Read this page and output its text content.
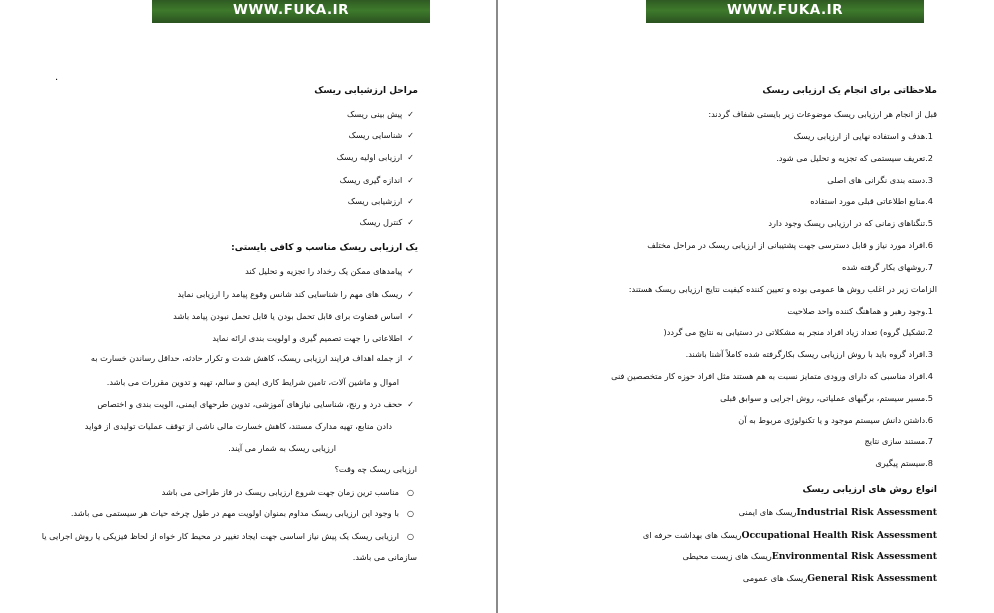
WWW.FUKA.IR
.
مراحل ارزشیابی ریسک
✓ پیش بینی ریسک
✓ شناسایی ریسک
✓ ارزیابی اولیه ریسک
✓ اندازه گیری ریسک
✓ ارزشیابی ریسک
✓ کنترل ریسک
یک ارزیابی ریسک مناسب و کافی بایستی:
✓ پیامدهای ممکن یک رخداد را تجزیه و تحلیل کند
✓ ریسک های مهم را شناسایی کند شانس وقوع پیامد را ارزیابی نماید
✓ اساس قضاوت برای قابل تحمل بودن یا قابل تحمل نبودن پیامد باشد
✓ اطلاعاتی را جهت تصمیم گیری و اولویت بندی ارائه نماید
✓ از جمله اهداف فرایند ارزیابی ریسک، کاهش شدت و تکرار حادثه، حداقل رساندن خسارت به
اموال و ماشین آلات، تامین شرایط کاری ایمن و سالم، تهیه و تدوین مقررات می باشد.
✓ ححف درد و رنج، شناسایی نیازهای آموزشی، تدوین طرحهای ایمنی، الویت بندی و اختصاص
دادن منابع، تهیه مدارک مستند، کاهش خسارت مالی ناشی از توقف عملیات تولیدی از فواید
ارزیابی ریسک به شمار می آیند.
ارزیابی ریسک چه وقت؟
○ مناسب ترین زمان جهت شروع ارزیابی ریسک در فاز طراحی می باشد
○ با وجود این ارزیابی ریسک مداوم بمنوان اولویت مهم در طول چرخه حیات هر سیستمی می باشد.
○ ارزیابی ریسک یک پیش نیاز اساسی جهت ایجاد تغییر در محیط کار خواه از لحاظ فیزیکی یا روش اجرایی یا
سازمانی می باشد.
WWW.FUKA.IR
ملاحظاتی برای انجام یک ارزیابی ریسک
قبل از انجام هر ارزیابی ریسک موضوعات زیر بایستی شفاف گردند:
1.هدف و استفاده نهایی از ارزیابی ریسک
2.تعریف سیستمی که تجزیه و تحلیل می شود.
3.دسته بندی نگرانی های اصلی
4.منابع اطلاعاتی قبلی مورد استفاده
5.تنگناهای زمانی که در ارزیابی ریسک وجود دارد
6.افراد مورد نیاز و قابل دسترسی جهت پشتیبانی از ارزیابی ریسک در مراحل مختلف
7.روشهای بکار گرفته شده
الزامات زیر در اغلب روش ها عمومی بوده و تعیین کننده کیفیت نتایج ارزیابی ریسک هستند:
1.وجود رهبر و هماهنگ کننده واحد صلاحیت
2.تشکیل گروه) تعداد زیاد افراد منجر به مشکلاتی در دستیابی به نتایج می گردد(
3.افراد گروه باید با روش ارزیابی ریسک بکارگرفته شده کاملاً آشنا باشند.
4.افراد مناسبی که دارای ورودی متمایز نسبت به هم هستند مثل افراد حوزه کار متخصصین فنی
5.مسیر سیستم، برگیهای عملیاتی، روش اجرایی و سوابق قبلی
6.داشتن دانش سیستم موجود و یا تکنولوژی مربوط به آن
7.مستند سازی نتایج
8.سیستم پیگیری
انواع روش های ارزیابی ریسک
Industrial Risk Assessmentریسک های ایمنی
Occupational Health Risk Assessmentریسک های بهداشت حرفه ای
Environmental Risk Assessmentریسک های زیست محیطی
General Risk Assessmentریسک های عمومی
